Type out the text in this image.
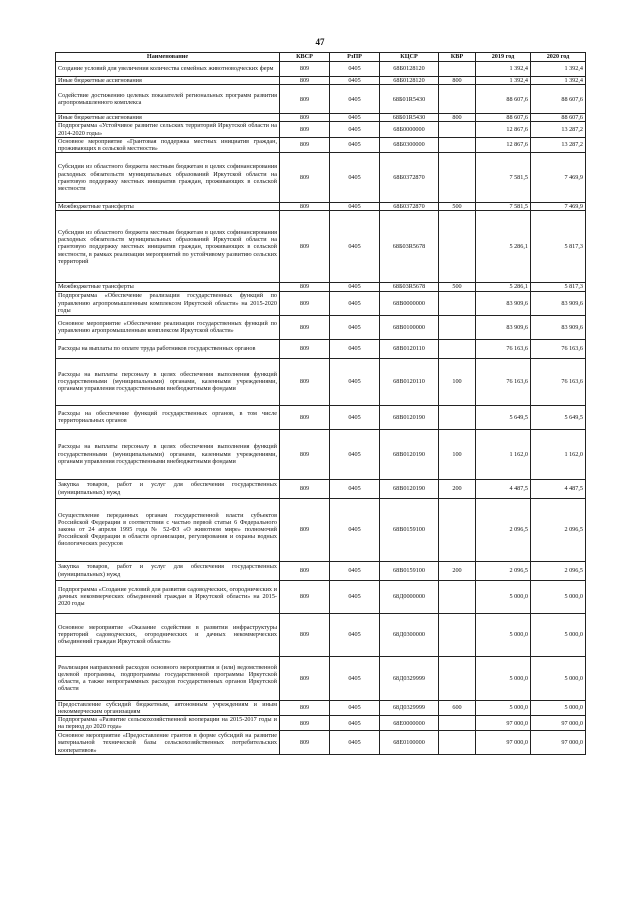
47
Наименование	КВСР	РзПР	КЦСР	КВР	2019 год	2020 год
Создание условий для увеличения количества семейных животноводческих ферм	809	0405	68Б0128120		1 392,4	1 392,4
Иные бюджетные ассигнования	809	0405	68Б0128120	800	1 392,4	1 392,4
Содействие достижению целевых показателей региональных программ развития агропромышленного комплекса	809	0405	68Б01R5430		88 607,6	88 607,6
Иные бюджетные ассигнования	809	0405	68Б01R5430	800	88 607,6	88 607,6
Подпрограмма «Устойчивое развитие сельских территорий Иркутской области на 2014-2020 годы»	809	0405	68Б0000000		12 867,6	13 287,2
Основное мероприятие «Грантовая поддержка местных инициатив граждан, проживающих в сельской местности»	809	0405	68Б0300000		12 867,6	13 287,2
Субсидии из областного бюджета местным бюджетам в целях софинансирования расходных обязательств муниципальных образований Иркутской области на грантовую поддержку местных инициатив граждан, проживающих в сельской местности	809	0405	68Б0372870		7 581,5	7 469,9
Межбюджетные трансферты	809	0405	68Б0372870	500	7 581,5	7 469,9
Субсидии из областного бюджета местным бюджетам в целях софинансирования расходных обязательств муниципальных образований Иркутской области на грантовую поддержку местных инициатив граждан, проживающих в сельской местности, в рамках реализации мероприятий по устойчивому развитию сельских территорий	809	0405	68Б03R5678		5 286,1	5 817,3
Межбюджетные трансферты	809	0405	68Б03R5678	500	5 286,1	5 817,3
Подпрограмма «Обеспечение реализации государственных функций по управлению агропромышленным комплексом Иркутской области» на 2015-2020 годы	809	0405	68В0000000		83 909,6	83 909,6
Основное мероприятие «Обеспечение реализации государственных функций по управлению агропромышленным комплексом Иркутской области»	809	0405	68В0100000		83 909,6	83 909,6
Расходы на выплаты по оплате труда работников государственных органов	809	0405	68В0120110		76 163,6	76 163,6
Расходы на выплаты персоналу в целях обеспечения выполнения функций государственными (муниципальными) органами, казенными учреждениями, органами управления государственными внебюджетными фондами	809	0405	68В0120110	100	76 163,6	76 163,6
Расходы на обеспечение функций государственных органов, в том числе территориальных органов	809	0405	68В0120190		5 649,5	5 649,5
Расходы на выплаты персоналу в целях обеспечения выполнения функций государственными (муниципальными) органами, казенными учреждениями, органами управления государственными внебюджетными фондами	809	0405	68В0120190	100	1 162,0	1 162,0
Закупка товаров, работ и услуг для обеспечения государственных (муниципальных) нужд	809	0405	68В0120190	200	4 487,5	4 487,5
Осуществление переданных органам государственной власти субъектов Российской Федерации в соответствии с частью первой статьи 6 Федерального закона от 24 апреля 1995 года № 52-ФЗ «О животном мире» полномочий Российской Федерации в области организации, регулирования и охраны водных биологических ресурсов	809	0405	68В0159100		2 096,5	2 096,5
Закупка товаров, работ и услуг для обеспечения государственных (муниципальных) нужд	809	0405	68В0159100	200	2 096,5	2 096,5
Подпрограмма «Создание условий для развития садоводческих, огороднических и дачных некоммерческих объединений граждан в Иркутской области» на 2015-2020 годы	809	0405	68Д0000000		5 000,0	5 000,0
Основное мероприятие «Оказание содействия в развитии инфраструктуры территорий садоводческих, огороднических и дачных некоммерческих объединений граждан Иркутской области»	809	0405	68Д0300000		5 000,0	5 000,0
Реализация направлений расходов основного мероприятия и (или) ведомственной целевой программы, подпрограммы государственной программы Иркутской области, а также непрограммных расходов государственных органов Иркутской области	809	0405	68Д0329999		5 000,0	5 000,0
Предоставление субсидий бюджетным, автономным учреждениям и иным некоммерческим организациям	809	0405	68Д0329999	600	5 000,0	5 000,0
Подпрограмма «Развитие сельскохозяйственной кооперации на 2015-2017 годы и на период до 2020 года»	809	0405	68Е0000000		97 000,0	97 000,0
Основное мероприятие «Предоставление грантов в форме субсидий на развитие материальной технической базы сельскохозяйственных потребительских кооперативов»	809	0405	68Е0100000		97 000,0	97 000,0
